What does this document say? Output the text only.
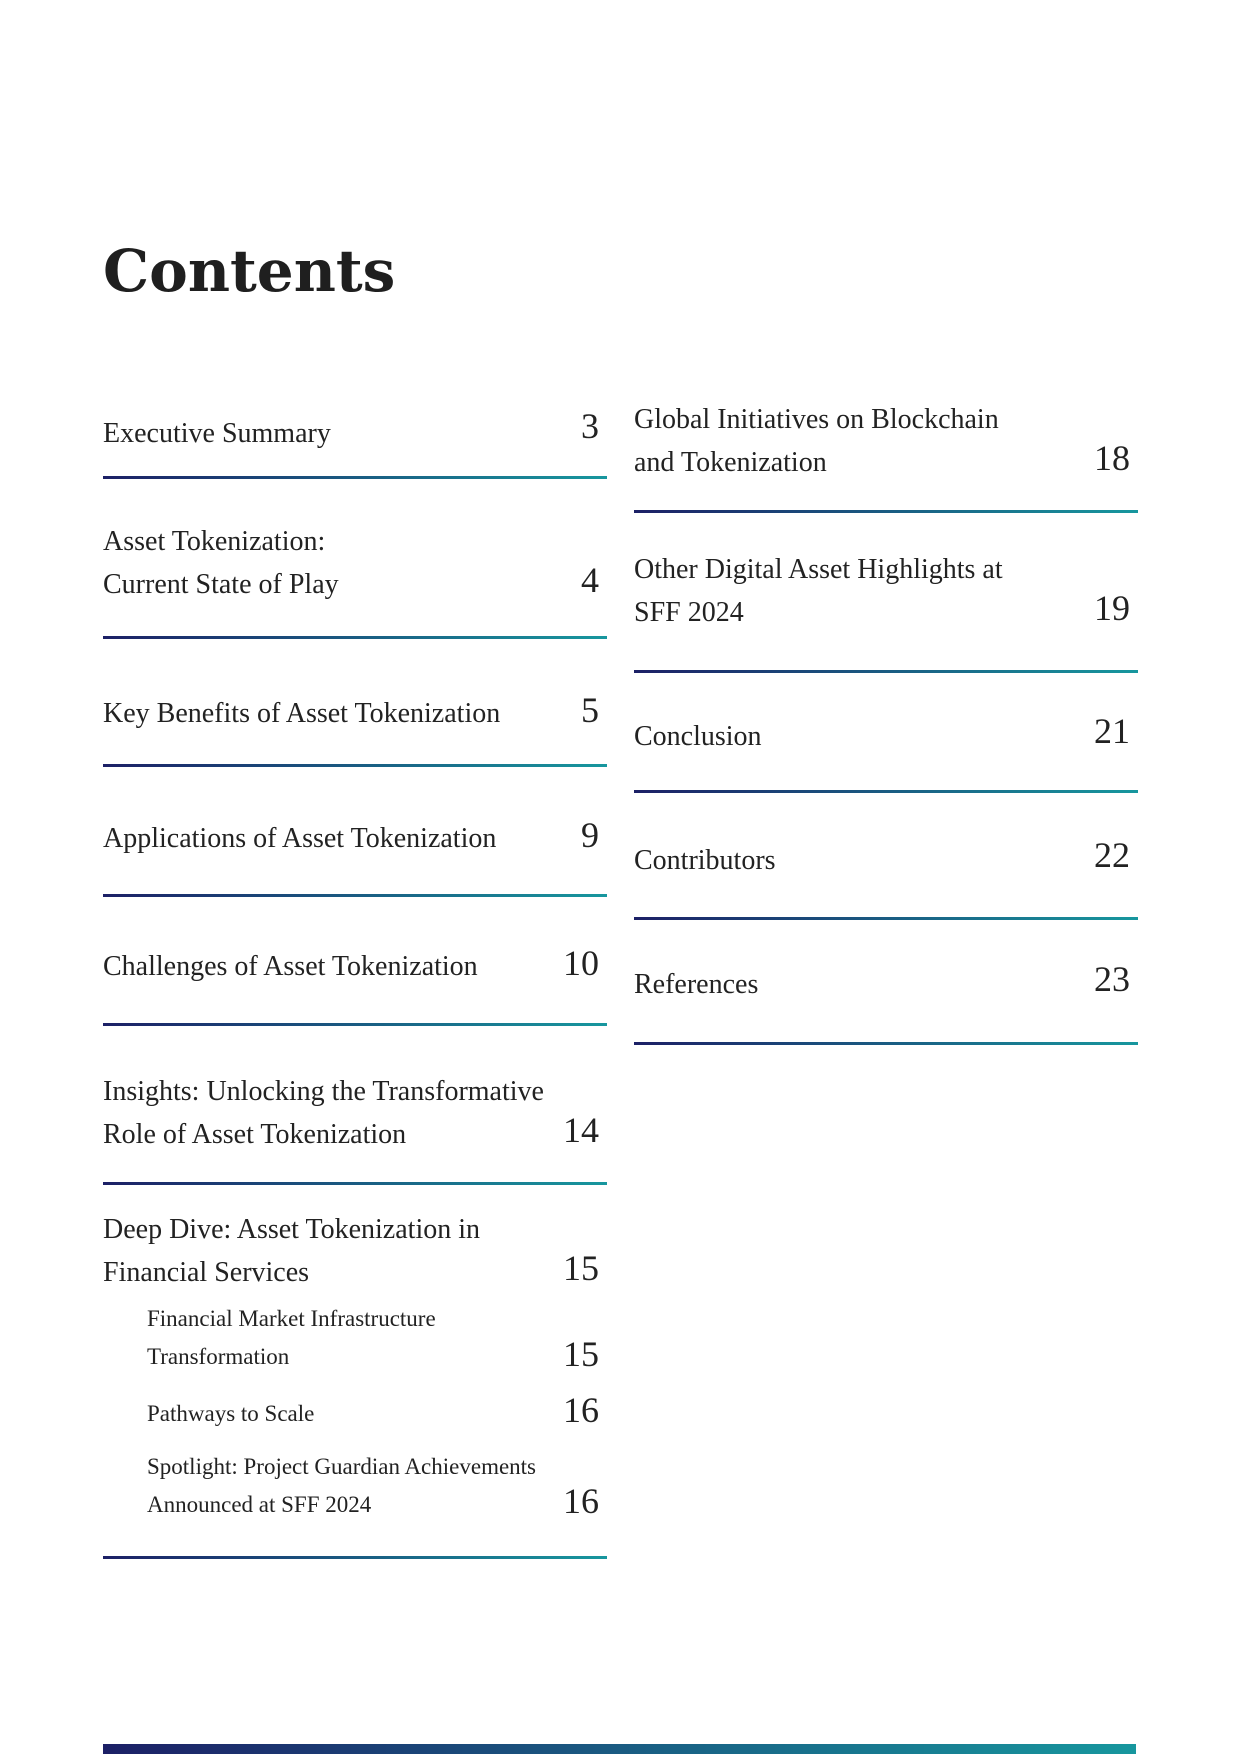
Contents

Executive Summary	3

Asset Tokenization:
Current State of Play	4

Key Benefits of Asset Tokenization 5

Applications of Asset Tokenization 9

Challenges of Asset Tokenization 10

Insights: Unlocking the Transformative
Role of Asset Tokenization	14

Deep Dive: Asset Tokenization in
Financial Services	15

Financial Market Infrastructure
Transformation	15

Pathways to Scale	16

Spotlight: Project Guardian Achievements
Announced at SFF 2024	16

Global Initiatives on Blockchain
and Tokenization	18

Other Digital Asset Highlights at
SFF 2024	19

Conclusion	21

Contributors	22

References	23
